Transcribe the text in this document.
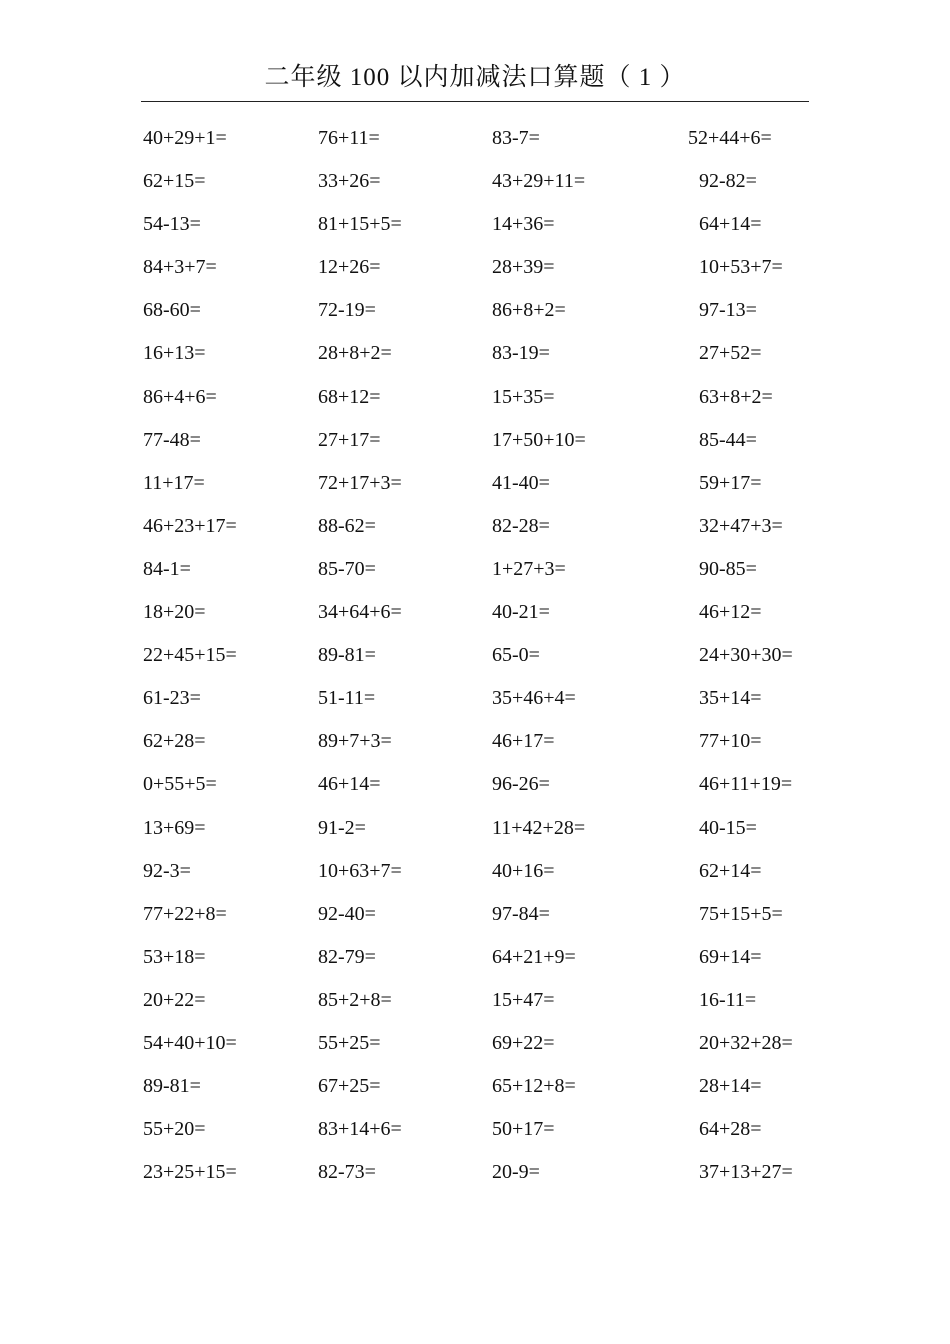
二年级 100 以内加减法口算题（ 1 ）
40+29+1=	76+11=	83-7=	52+44+6=
62+15=	33+26=	43+29+11=	92-82=
54-13=	81+15+5=	14+36=	64+14=
84+3+7=	12+26=	28+39=	10+53+7=
68-60=	72-19=	86+8+2=	97-13=
16+13=	28+8+2=	83-19=	27+52=
86+4+6=	68+12=	15+35=	63+8+2=
77-48=	27+17=	17+50+10=	85-44=
11+17=	72+17+3=	41-40=	59+17=
46+23+17=	88-62=	82-28=	32+47+3=
84-1=	85-70=	1+27+3=	90-85=
18+20=	34+64+6=	40-21=	46+12=
22+45+15=	89-81=	65-0=	24+30+30=
61-23=	51-11=	35+46+4=	35+14=
62+28=	89+7+3=	46+17=	77+10=
0+55+5=	46+14=	96-26=	46+11+19=
13+69=	91-2=	11+42+28=	40-15=
92-3=	10+63+7=	40+16=	62+14=
77+22+8=	92-40=	97-84=	75+15+5=
53+18=	82-79=	64+21+9=	69+14=
20+22=	85+2+8=	15+47=	16-11=
54+40+10=	55+25=	69+22=	20+32+28=
89-81=	67+25=	65+12+8=	28+14=
55+20=	83+14+6=	50+17=	64+28=
23+25+15=	82-73=	20-9=	37+13+27=
